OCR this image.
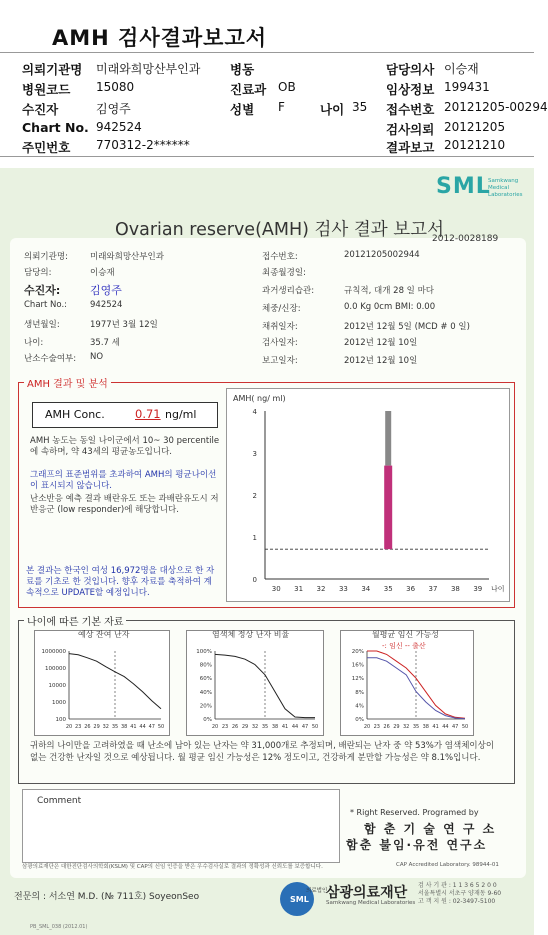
AMH 검사결과보고서
의뢰기관명 미래와희망산부인과 병동	담당의사 이승재
병원코드 15080	진료과 OB	임상정보 199431
수진자	김영주	성별 F	나이 35 접수번호 20121205-00294
Chart No. 942524	검사의뢰 20121205
주민번호 770312-2******	결과보고 20121210
SML
Samkwang Medical Laboratories
Ovarian reserve(AMH) 검사 결과 보고서
2012-0028189
의뢰기관명:	미래와희망산부인과
담당의:	이승재
수진자:	김영주
Chart No.:	942524
생년월일:	1977년 3월 12일
나이:	35.7 세
난소수술여부: NO
접수번호:	20121205002944
최종월경일:
과거생리습관:	규칙적, 대개 28 일 마다
체중/신장:	0.0 Kg 0cm BMI: 0.00
채취일자:	2012년 12월 5일 (MCD # 0 일)
검사일자:	2012년 12월 10일
보고일자:	2012년 12월 10일
AMH 결과 및 분석
AMH Conc.	0.71 ng/ml
AMH 농도는 동일 나이군에서 10~ 30 percentile에 속하며, 약 43세의 평균농도입니다.
그래프의 표준범위를 초과하여 AMH의 평균나이선이 표시되지 않습니다.
난소반응 예측 결과 배란유도 또는 과배란유도시 저반응군 (low responder)에 해당합니다.
본 결과는 한국인 여성 16,972명을 대상으로 한 자료를 기초로 한 것입니다. 향후 자료를 축적하여 계속적으로 UPDATE할 예정입니다.
AMH( ng/ ml)
0
1
2
3
4
30 31 32 33 34 35 36 37 38 39 나이
나이에 따른 기본 자료
1000000
100000
10000
1000
100
20 23 26 29 32 35 38 41 44 47 50
예상 잔여 난자
100%
80%
60%
40%
20%
0%
20 23 26 29 32 35 38 41 44 47 50
염색체 정상 난자 비율
20%
16%
12%
8%
4%
0%
20 23 26 29 32 35 38 41 44 47 50
월평균 임신 가능성
-: 임신 -- 출산
귀하의 나이만을 고려하였을 때 난소에 남아 있는 난자는 약 31,000개로 추정되며, 배란되는 난자 중 약 53%가 염색체이상이 없는 건강한 난자일 것으로 예상됩니다. 월 평균 임신 가능성은 12% 정도이고, 건강하게 분만할 가능성은 약 8.1%입니다.
Comment
* Right Reserved. Programed by
함 춘 기 술 연 구 소
함춘 불임·유전 연구소
삼광의료재단은 대한진단검사의학회(KSLM) 및 CAP의 신임 인증을 받은 우수검사실로 결과의 정확성과 신뢰도를 보증합니다.	CAP Accredited Laboratory. 98944-01
전문의 : 서소연 M.D. (№ 711호) SoyeonSeo	SML
의료법인
삼광의료재단
Samkwang Medical Laboratories
검 사 기 관 : 1 1 3 6 5 2 0 0
서울특별시 서초구 양재동 9-60
고 객 지 원 : 02-3497-5100
PB_SML_038 (2012.01)
